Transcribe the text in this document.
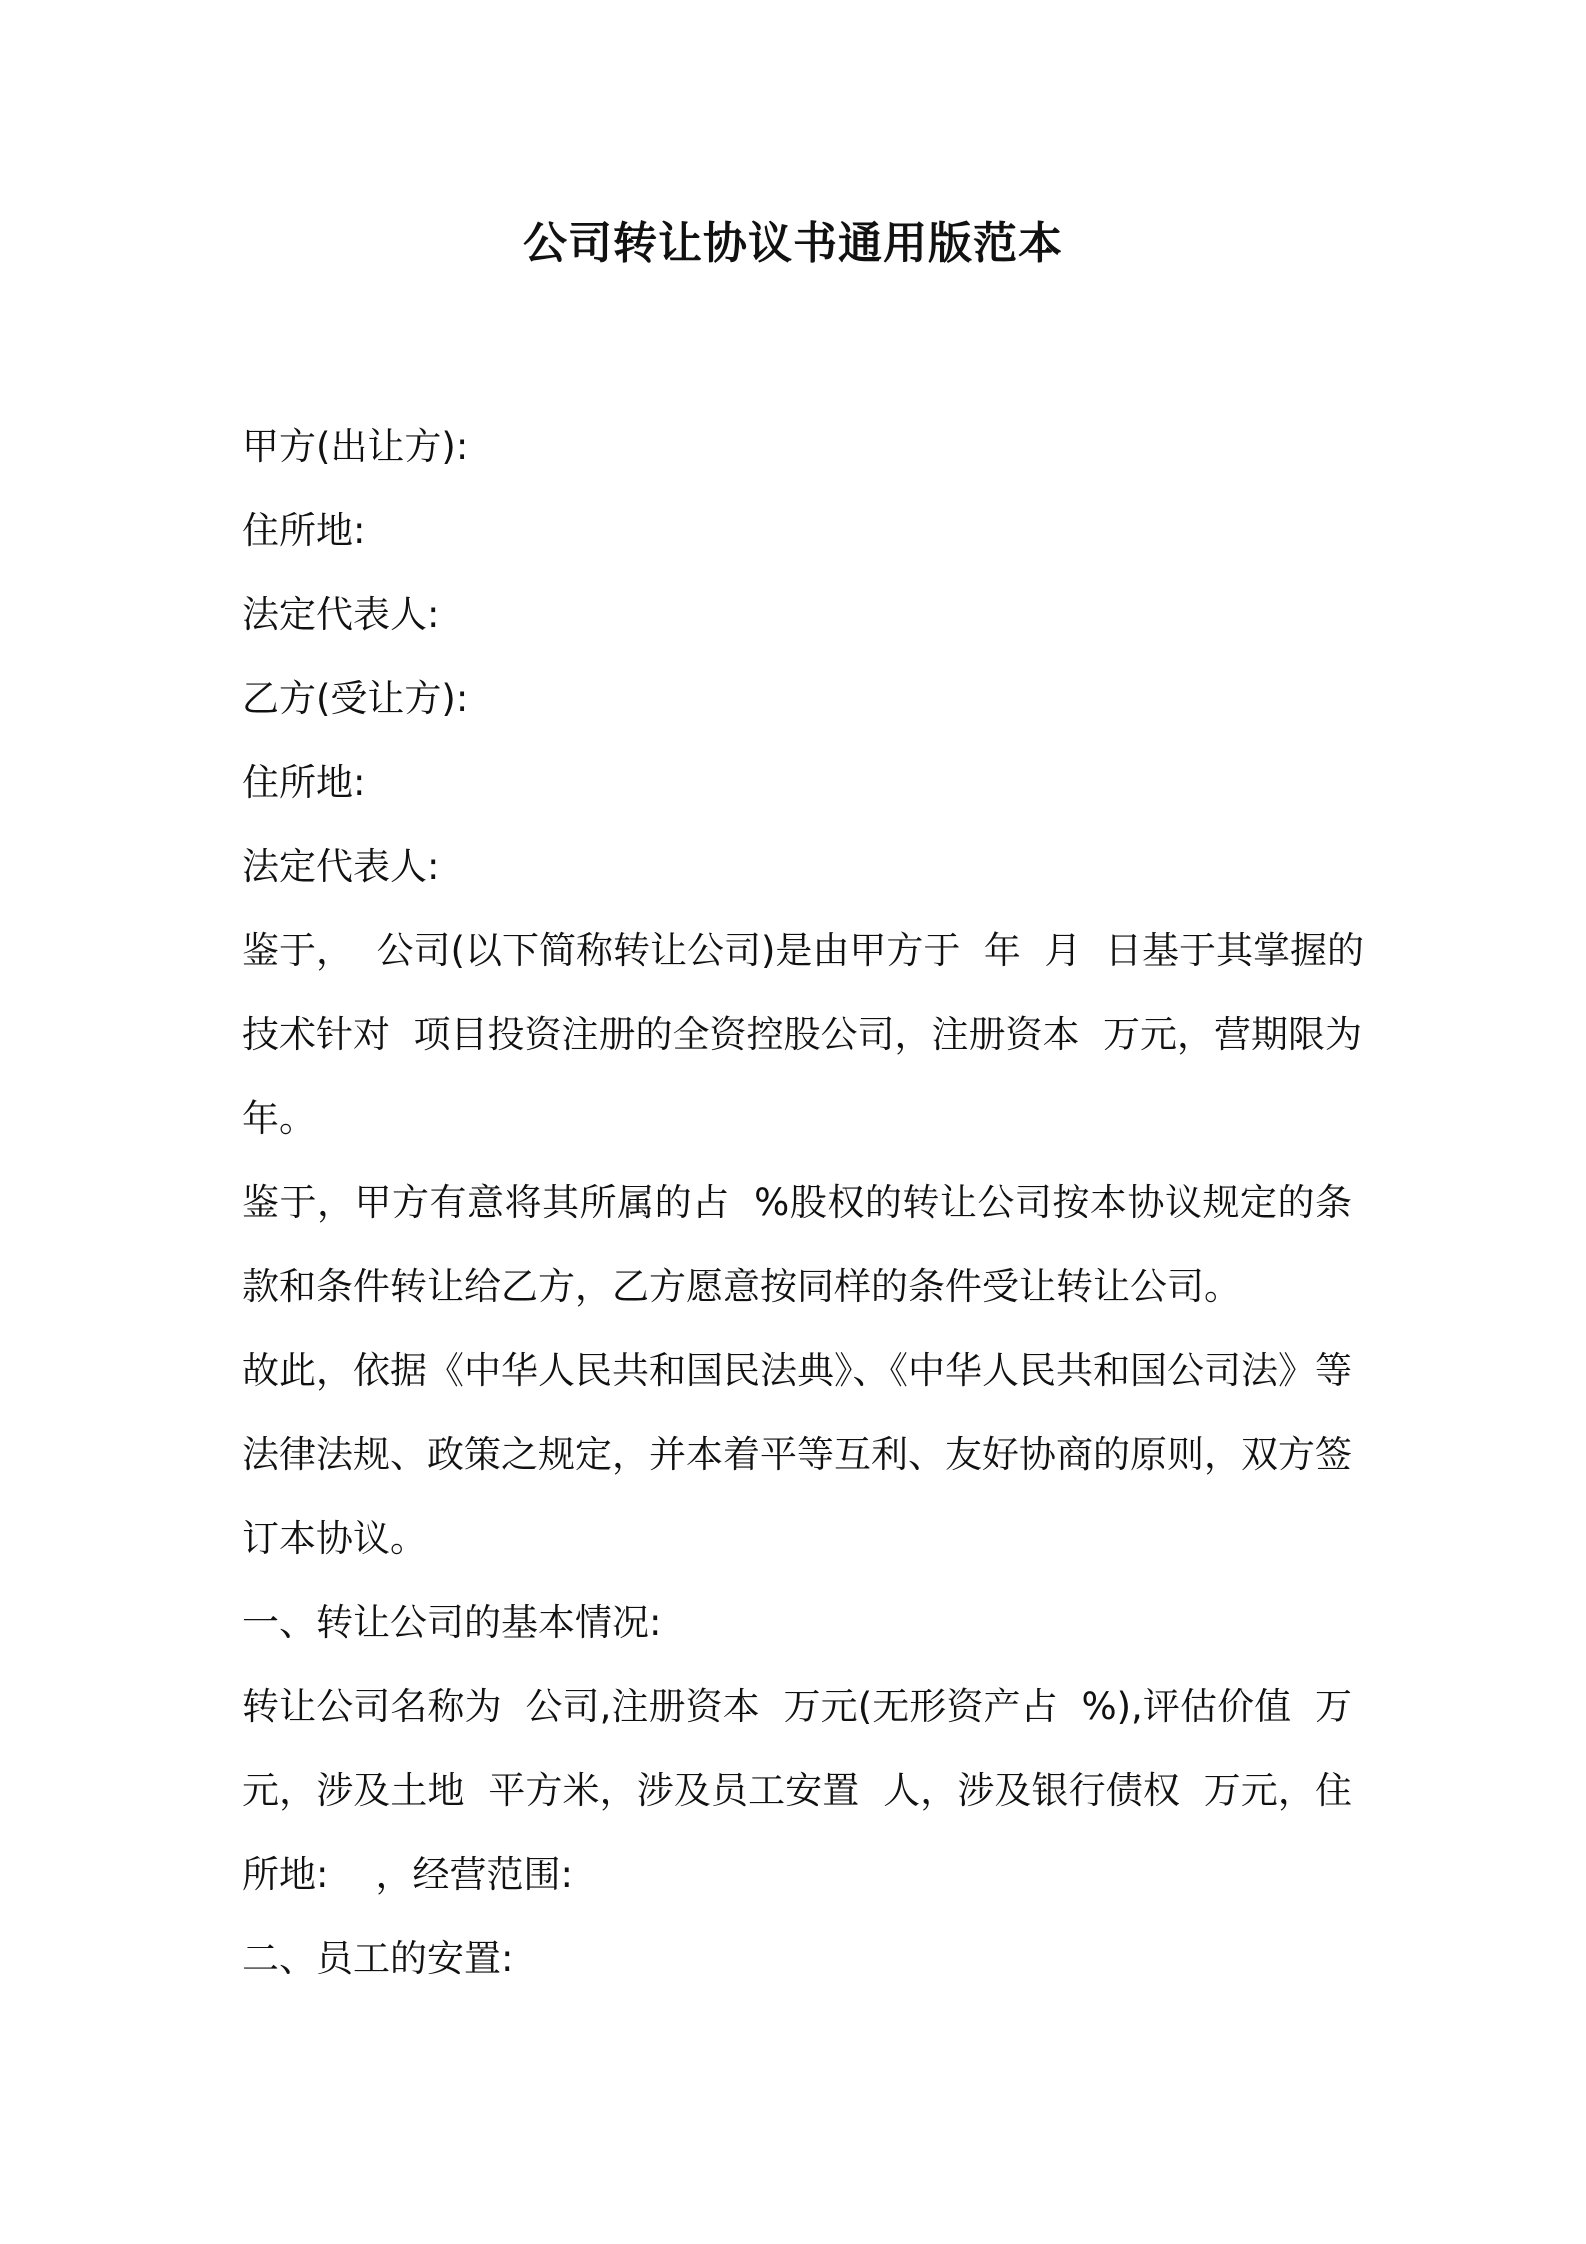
公司转让协议书通用版范本
甲方(出让方):
住所地:
法定代表人:
乙方(受让方):
住所地:
法定代表人:
鉴于，  公司(以下简称转让公司)是由甲方于  年  月  日基于其掌握的
技术针对  项目投资注册的全资控股公司，注册资本  万元，营期限为
年。
鉴于，甲方有意将其所属的占  %股权的转让公司按本协议规定的条
款和条件转让给乙方，乙方愿意按同样的条件受让转让公司。
故此，依据《中华人民共和国民法典》、《中华人民共和国公司法》等
法律法规、政策之规定，并本着平等互利、友好协商的原则，双方签
订本协议。
一、转让公司的基本情况:
转让公司名称为  公司,注册资本  万元(无形资产占  %),评估价值  万
元，涉及土地  平方米，涉及员工安置  人，涉及银行债权  万元，住
所地:    ，经营范围:
二、员工的安置:
